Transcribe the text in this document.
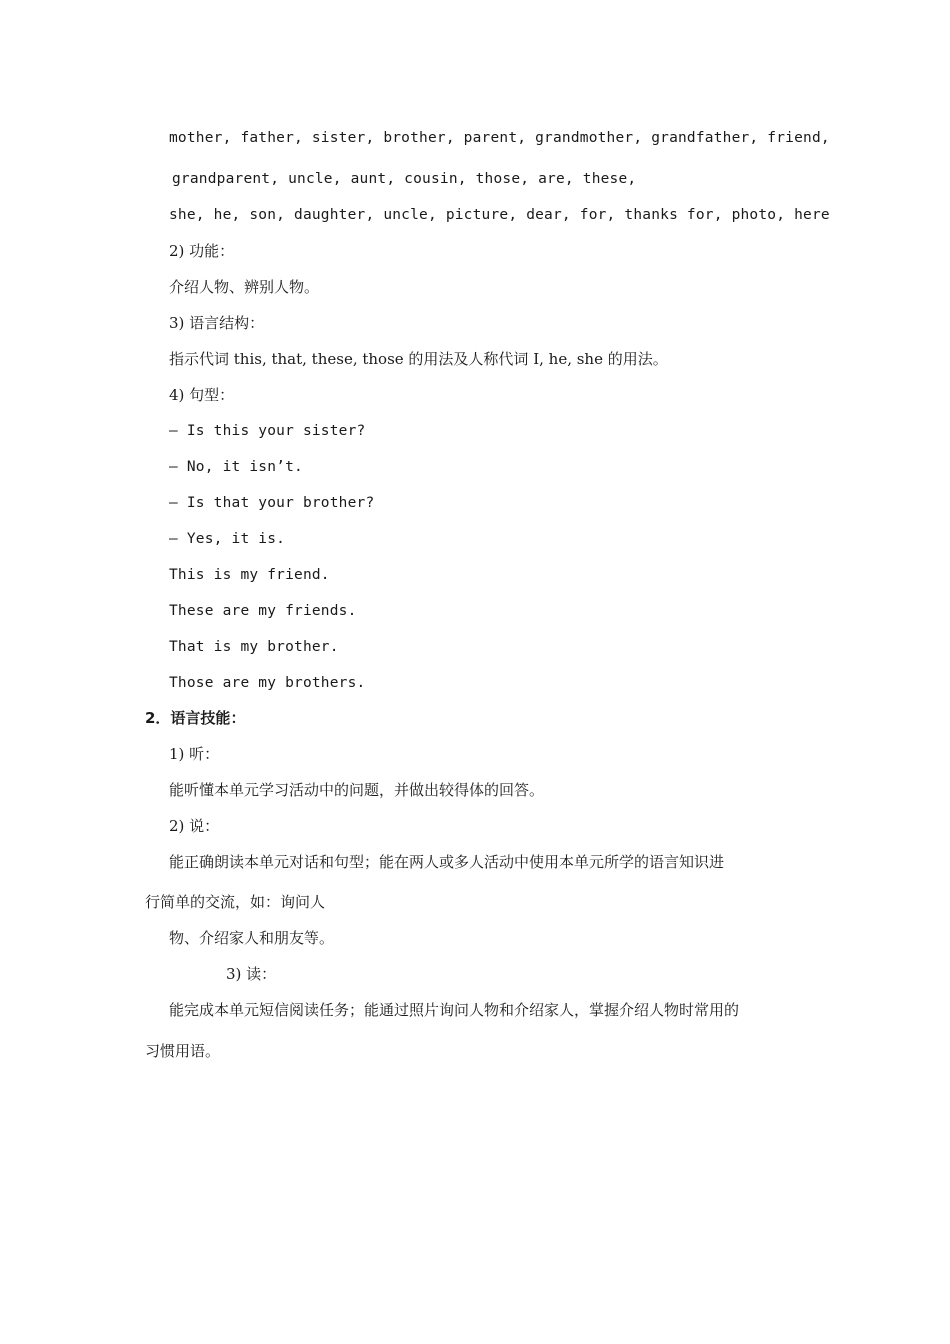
mother, father, sister, brother, parent, grandmother, grandfather, friend,
grandparent, uncle, aunt, cousin, those, are, these,
she, he, son, daughter, uncle, picture, dear, for, thanks for, photo, here
2) 功能：
介绍人物、辨别人物。
3) 语言结构：
指示代词 this, that, these, those 的用法及人称代词 I, he, she 的用法。
4) 句型：
— Is this your sister?
— No, it isn’t.
— Is that your brother?
— Yes, it is.
This is my friend.
These are my friends.
That is my brother.
Those are my brothers.
2．语言技能：
1) 听：
能听懂本单元学习活动中的问题，并做出较得体的回答。
2) 说：
能正确朗读本单元对话和句型；能在两人或多人活动中使用本单元所学的语言知识进
行简单的交流，如：询问人
物、介绍家人和朋友等。
3) 读：
能完成本单元短信阅读任务；能通过照片询问人物和介绍家人，掌握介绍人物时常用的
习惯用语。
